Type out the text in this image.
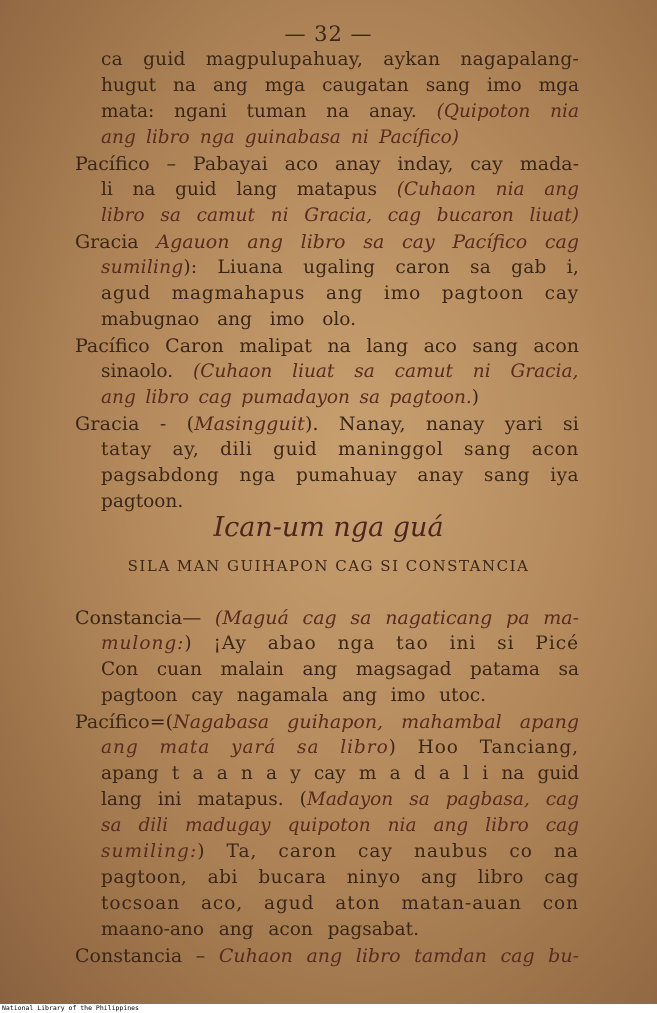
— 32 —
ca guid magpulupahuay, aykan nagapalang-
hugut na ang mga caugatan sang imo mga
mata: ngani tuman na anay. (Quipoton nia
ang libro nga guinabasa ni Pacífico)
Pacífico – Pabayai aco anay inday, cay mada-
li na guid lang matapus (Cuhaon nia ang
libro sa camut ni Gracia, cag bucaron liuat)
Gracia Agauon ang libro sa cay Pacífico cag
sumiling): Liuana ugaling caron sa gab i,
agud magmahapus ang imo pagtoon cay
mabugnao ang imo olo.
Pacífico Caron malipat na lang aco sang acon
sinaolo. (Cuhaon liuat sa camut ni Gracia,
ang libro cag pumadayon sa pagtoon.)
Gracia - (Masingguit). Nanay, nanay yari si
tatay ay, dili guid maninggol sang acon
pagsabdong nga pumahuay anay sang iya
pagtoon.
Constancia— (Maguá cag sa nagaticang pa ma-
mulong:) ¡Ay abao nga tao ini si Picé
Con cuan malain ang magsagad patama sa
pagtoon cay nagamala ang imo utoc.
Pacífico=(Nagabasa guihapon, mahambal apang
ang mata yará sa libro) Hoo Tanciang,
apang t a a n a y cay m a d a l i na guid
lang ini matapus. (Madayon sa pagbasa, cag
sa dili madugay quipoton nia ang libro cag
sumiling:) Ta, caron cay naubus co na
pagtoon, abi bucara ninyo ang libro cag
tocsoan aco, agud aton matan-auan con
maano-ano ang acon pagsabat.
Constancia – Cuhaon ang libro tamdan cag bu-
Ican-um nga guá
SILA MAN GUIHAPON CAG SI CONSTANCIA
National Library of the Philippines
